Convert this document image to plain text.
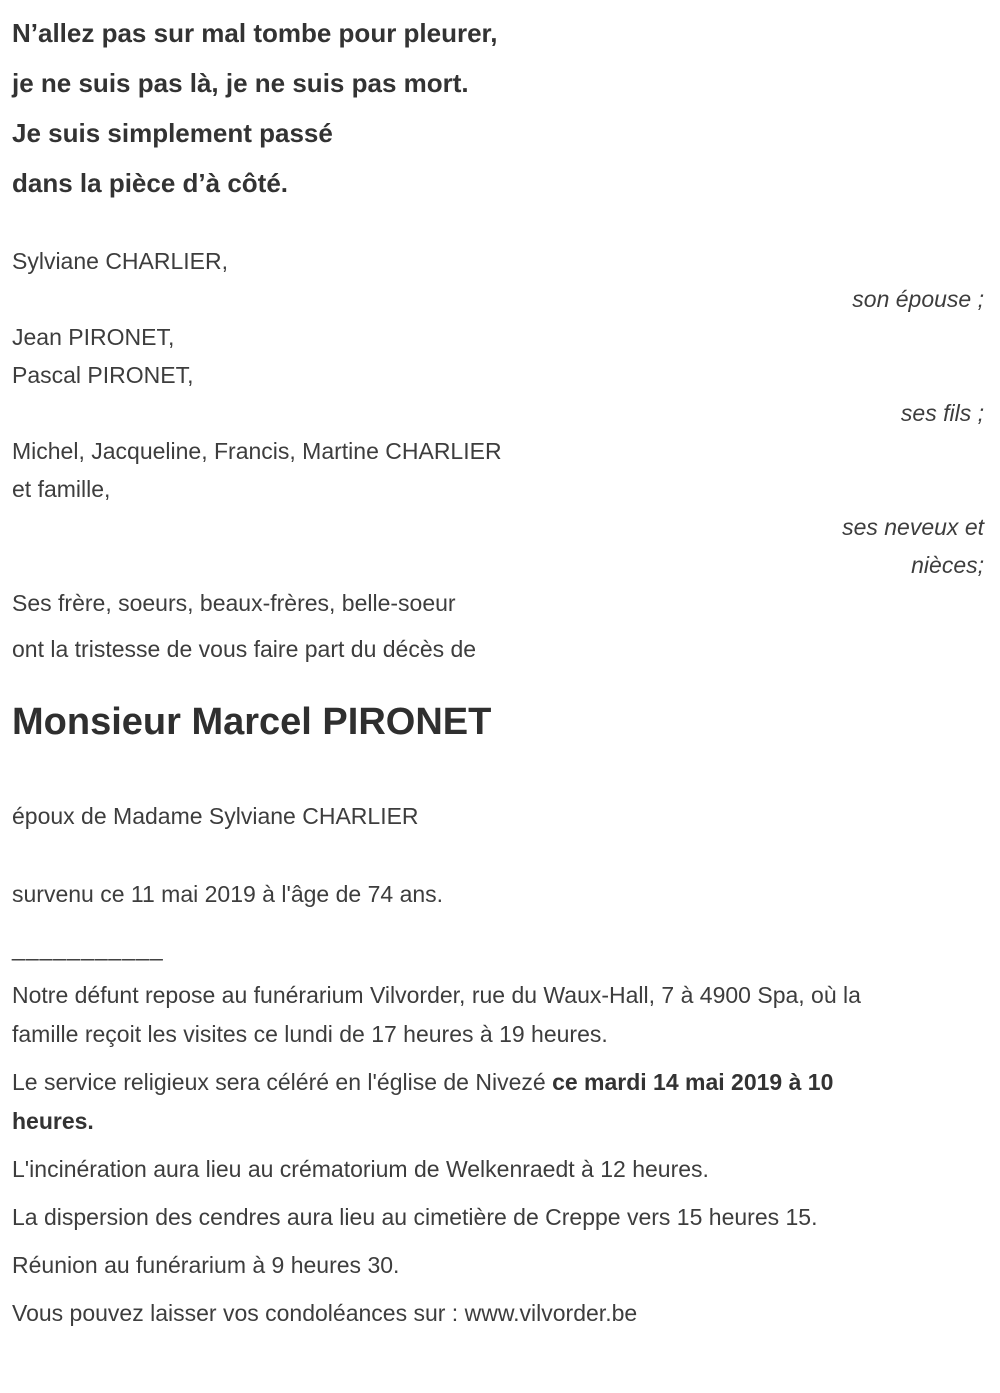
N’allez pas sur mal tombe pour pleurer,
je ne suis pas là, je ne suis pas mort.
Je suis simplement passé
dans la pièce d’à côté.
Sylviane CHARLIER,
son épouse ;
Jean PIRONET,
Pascal PIRONET,
ses fils ;
Michel, Jacqueline, Francis, Martine CHARLIER
et famille,
ses neveux et
nièces;
Ses frère, soeurs, beaux-frères, belle-soeur
ont la tristesse de vous faire part du décès de
Monsieur Marcel PIRONET
époux de Madame Sylviane CHARLIER
survenu ce 11 mai 2019 à l'âge de 74 ans.
___________

Notre défunt repose au funérarium Vilvorder, rue du Waux-Hall, 7 à 4900 Spa, où la famille reçoit les visites ce lundi de 17 heures à 19 heures.

Le service religieux sera céléré en l'église de Nivezé ce mardi 14 mai 2019 à 10 heures.

L'incinération aura lieu au crématorium de Welkenraedt à 12 heures.

La dispersion des cendres aura lieu au cimetière de Creppe vers 15 heures 15.

Réunion au funérarium à 9 heures 30.

Vous pouvez laisser vos condoléances sur : www.vilvorder.be
